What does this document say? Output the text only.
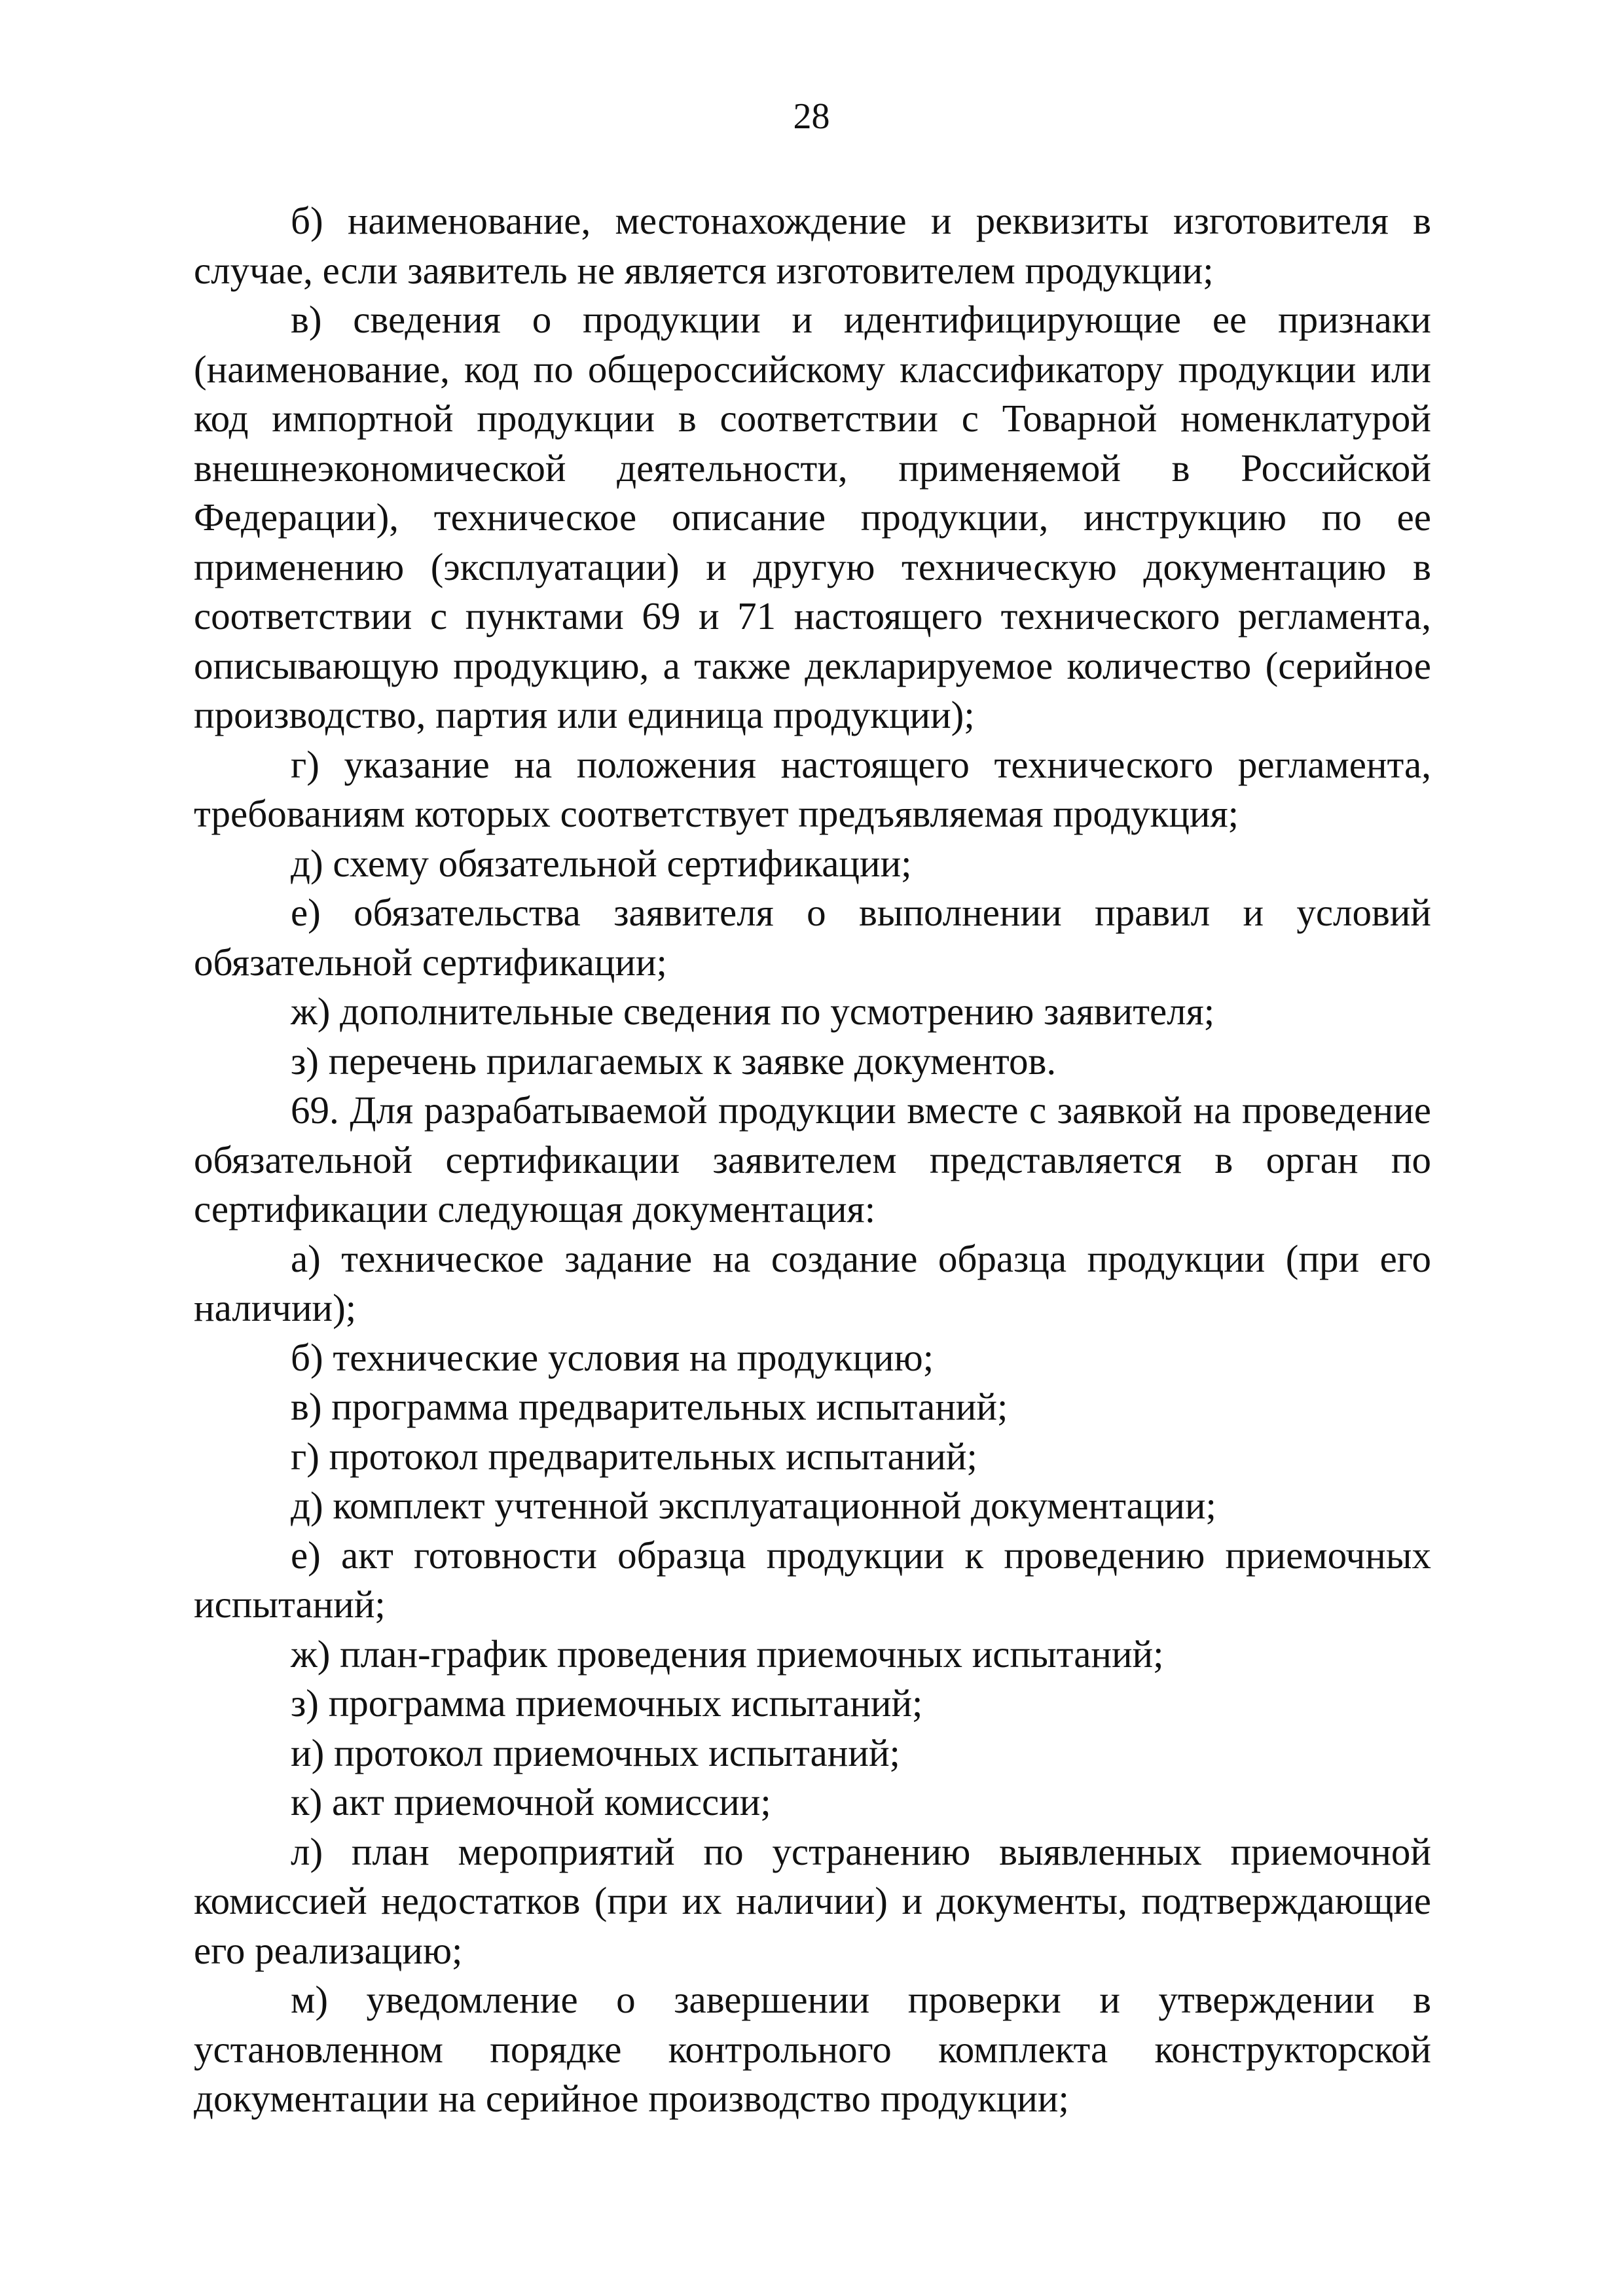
28

б) наименование, местонахождение и реквизиты изготовителя в случае, если заявитель не является изготовителем продукции;

в) сведения о продукции и идентифицирующие ее признаки (наименование, код по общероссийскому классификатору продукции или код импортной продукции в соответствии с Товарной номенклатурой внешнеэкономической деятельности, применяемой в Российской Федерации), техническое описание продукции, инструкцию по ее применению (эксплуатации) и другую техническую документацию в соответствии с пунктами 69 и 71 настоящего технического регламента, описывающую продукцию, а также декларируемое количество (серийное производство, партия или единица продукции);

г) указание на положения настоящего технического регламента, требованиям которых соответствует предъявляемая продукция;

д) схему обязательной сертификации;

е) обязательства заявителя о выполнении правил и условий обязательной сертификации;

ж) дополнительные сведения по усмотрению заявителя;

з) перечень прилагаемых к заявке документов.

69. Для разрабатываемой продукции вместе с заявкой на проведение обязательной сертификации заявителем представляется в орган по сертификации следующая документация:

а) техническое задание на создание образца продукции (при его наличии);

б) технические условия на продукцию;

в) программа предварительных испытаний;

г) протокол предварительных испытаний;

д) комплект учтенной эксплуатационной документации;

е) акт готовности образца продукции к проведению приемочных испытаний;

ж) план-график проведения приемочных испытаний;

з) программа приемочных испытаний;

и) протокол приемочных испытаний;

к) акт приемочной комиссии;

л) план мероприятий по устранению выявленных приемочной комиссией недостатков (при их наличии) и документы, подтверждающие его реализацию;

м) уведомление о завершении проверки и утверждении в установленном порядке контрольного комплекта конструкторской документации на серийное производство продукции;
